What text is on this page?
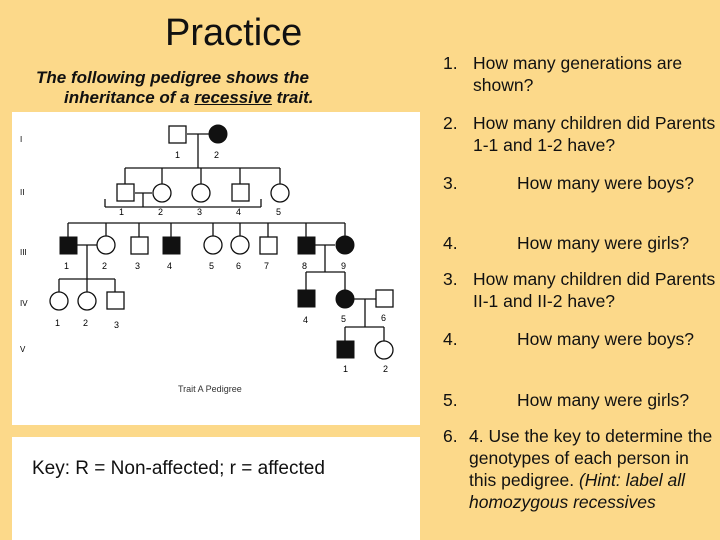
Practice
The following pedigree shows the
inheritance of a recessive trait.
I
II
III
IV
V
1	2
1	2	3	4	5
1	2	3	4	5 6	7	8	9
1	2	3	4	5	6
1	2
Trait A Pedigree
Key: R = Non-affected; r = affected
1. How many generations are shown?
2. How many children did Parents 1-1 and 1-2 have?
3.	How many were boys?
4.	How many were girls?
3. How many children did Parents II-1 and II-2 have?
4.	How many were boys?
5.	How many were girls?
6. 4. Use the key to determine the genotypes of each person in this pedigree. (Hint: label all homozygous recessives
